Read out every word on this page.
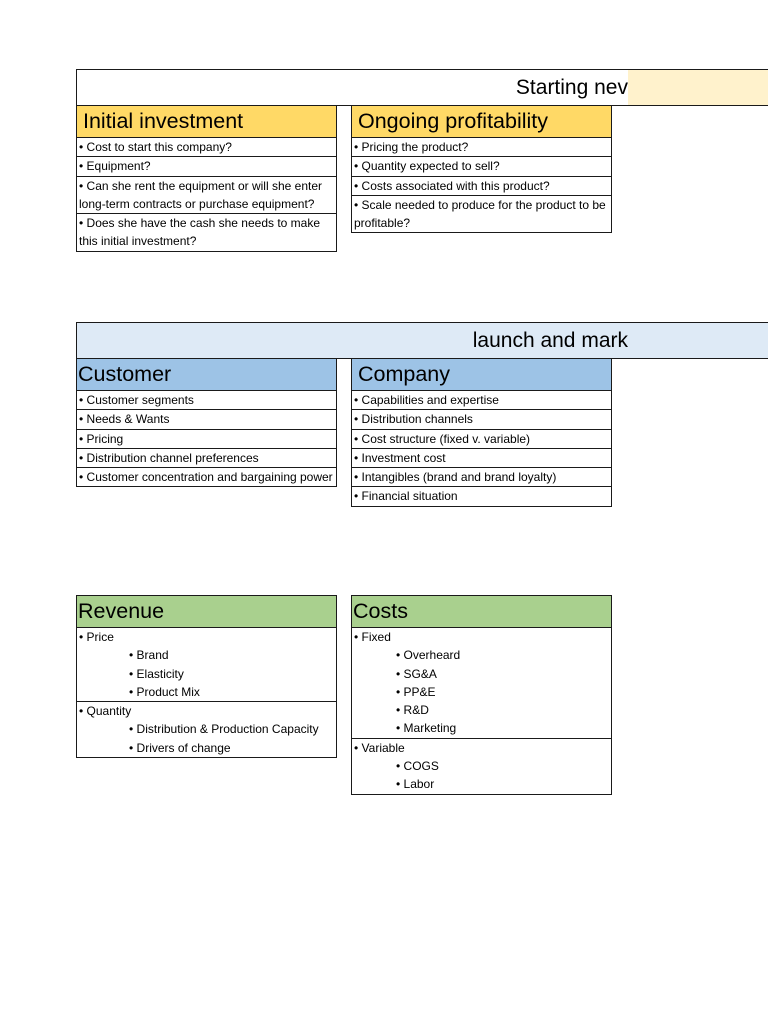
Starting nev
Initial investment
• Cost to start this company?
• Equipment?
• Can she rent the equipment or will she enter long-term contracts or purchase equipment?
• Does she have the cash she needs to make this initial investment?
Ongoing profitability
• Pricing the product?
• Quantity expected to sell?
• Costs associated with this product?
• Scale needed to produce for the product to be profitable?
launch and mark
Customer
• Customer segments
• Needs & Wants
• Pricing
• Distribution channel preferences
• Customer concentration and bargaining power
Company
• Capabilities and expertise
• Distribution channels
• Cost structure (fixed v. variable)
• Investment cost
• Intangibles (brand and brand loyalty)
• Financial situation
Revenue
• Price
• Brand
• Elasticity
• Product Mix
• Quantity
• Distribution & Production Capacity
• Drivers of change
Costs
• Fixed
• Overheard
• SG&A
• PP&E
• R&D
• Marketing
• Variable
• COGS
• Labor
